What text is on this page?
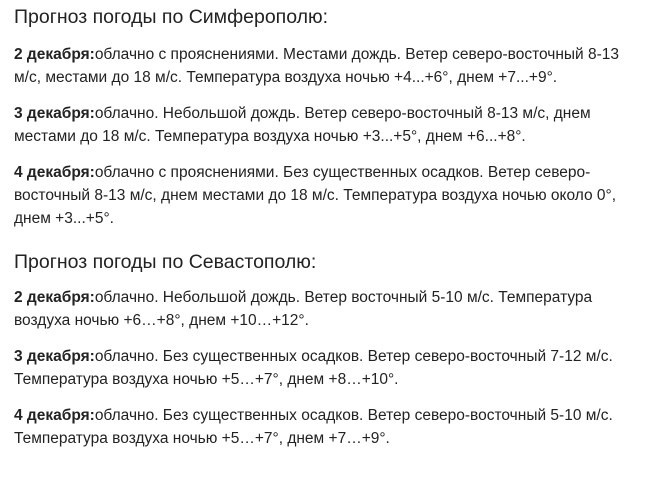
Прогноз погоды по Симферополю:

2 декабря:облачно с прояснениями. Местами дождь. Ветер северо-восточный 8-13 м/с, местами до 18 м/с. Температура воздуха ночью +4...+6°, днем +7...+9°.

3 декабря:облачно. Небольшой дождь. Ветер северо-восточный 8-13 м/с, днем местами до 18 м/с. Температура воздуха ночью +3...+5°, днем +6...+8°.

4 декабря:облачно с прояснениями. Без существенных осадков. Ветер северо-восточный 8-13 м/с, днем местами до 18 м/с. Температура воздуха ночью около 0°, днем +3...+5°.

Прогноз погоды по Севастополю:

2 декабря:облачно. Небольшой дождь. Ветер восточный 5-10 м/с. Температура воздуха ночью +6…+8°, днем +10…+12°.

3 декабря:облачно. Без существенных осадков. Ветер северо-восточный 7-12 м/с. Температура воздуха ночью +5…+7°, днем +8…+10°.

4 декабря:облачно. Без существенных осадков. Ветер северо-восточный 5-10 м/с. Температура воздуха ночью +5…+7°, днем +7…+9°.
